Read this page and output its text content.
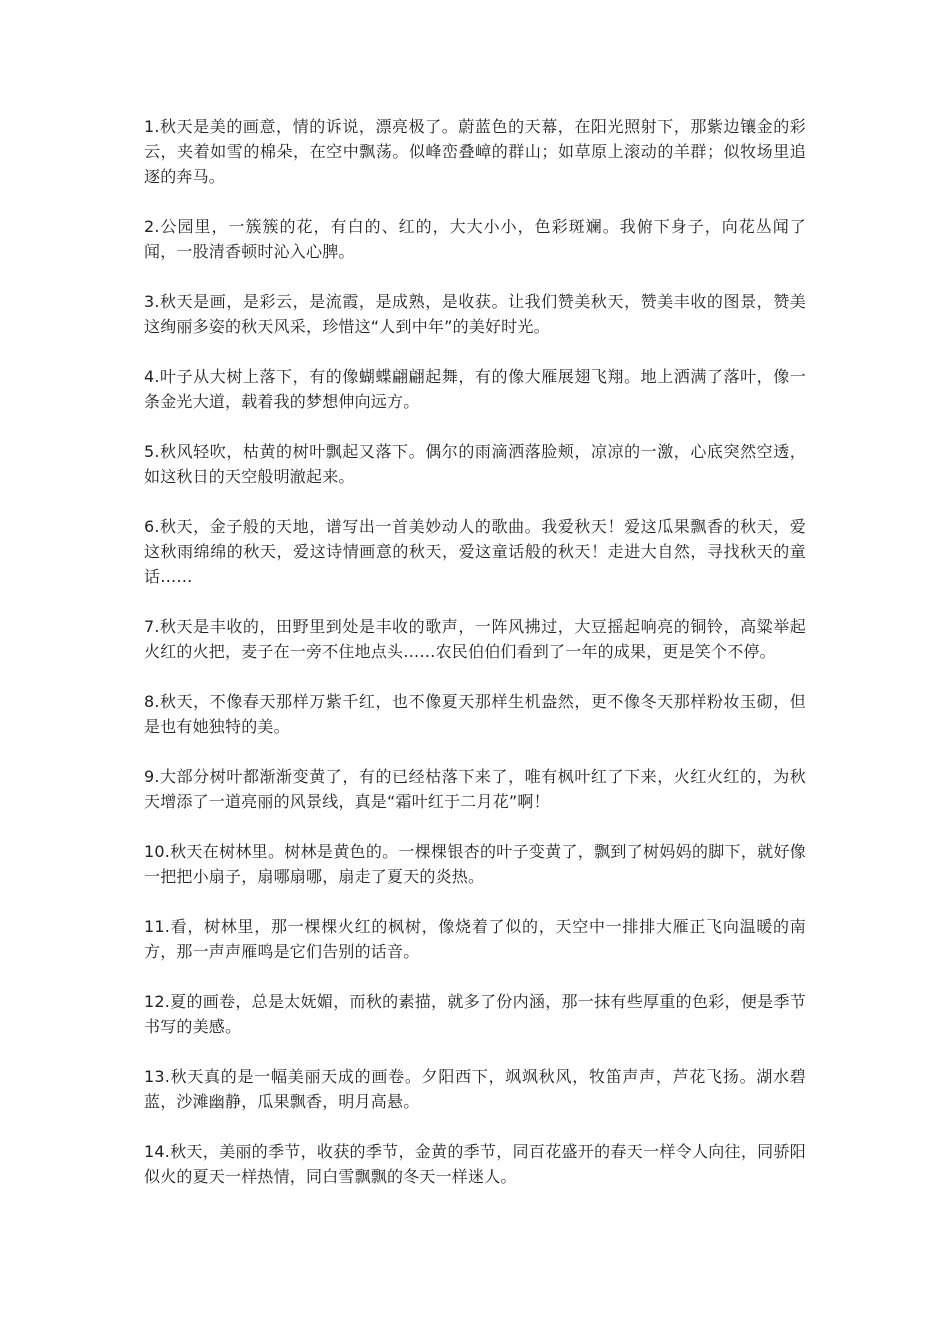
1.秋天是美的画意，情的诉说，漂亮极了。蔚蓝色的天幕，在阳光照射下，那紫边镶金的彩云，夹着如雪的棉朵，在空中飘荡。似峰峦叠嶂的群山；如草原上滚动的羊群；似牧场里追逐的奔马。

2.公园里，一簇簇的花，有白的、红的，大大小小，色彩斑斓。我俯下身子，向花丛闻了闻，一股清香顿时沁入心脾。

3.秋天是画，是彩云，是流霞，是成熟，是收获。让我们赞美秋天，赞美丰收的图景，赞美这绚丽多姿的秋天风采，珍惜这“人到中年”的美好时光。

4.叶子从大树上落下，有的像蝴蝶翩翩起舞，有的像大雁展翅飞翔。地上洒满了落叶，像一条金光大道，载着我的梦想伸向远方。

5.秋风轻吹，枯黄的树叶飘起又落下。偶尔的雨滴洒落脸颊，凉凉的一激，心底突然空透，如这秋日的天空般明澈起来。

6.秋天，金子般的天地，谱写出一首美妙动人的歌曲。我爱秋天！爱这瓜果飘香的秋天，爱这秋雨绵绵的秋天，爱这诗情画意的秋天，爱这童话般的秋天！走进大自然，寻找秋天的童话……

7.秋天是丰收的，田野里到处是丰收的歌声，一阵风拂过，大豆摇起响亮的铜铃，高粱举起火红的火把，麦子在一旁不住地点头……农民伯伯们看到了一年的成果，更是笑个不停。

8.秋天，不像春天那样万紫千红，也不像夏天那样生机盎然，更不像冬天那样粉妆玉砌，但是也有她独特的美。

9.大部分树叶都渐渐变黄了，有的已经枯落下来了，唯有枫叶红了下来，火红火红的，为秋天增添了一道亮丽的风景线，真是“霜叶红于二月花”啊！

10.秋天在树林里。树林是黄色的。一棵棵银杏的叶子变黄了，飘到了树妈妈的脚下，就好像一把把小扇子，扇哪扇哪，扇走了夏天的炎热。

11.看，树林里，那一棵棵火红的枫树，像烧着了似的，天空中一排排大雁正飞向温暖的南方，那一声声雁鸣是它们告别的话音。

12.夏的画卷，总是太妩媚，而秋的素描，就多了份内涵，那一抹有些厚重的色彩，便是季节书写的美感。

13.秋天真的是一幅美丽天成的画卷。夕阳西下，飒飒秋风，牧笛声声，芦花飞扬。湖水碧蓝，沙滩幽静，瓜果飘香，明月高悬。

14.秋天，美丽的季节，收获的季节，金黄的季节，同百花盛开的春天一样令人向往，同骄阳似火的夏天一样热情，同白雪飘飘的冬天一样迷人。
